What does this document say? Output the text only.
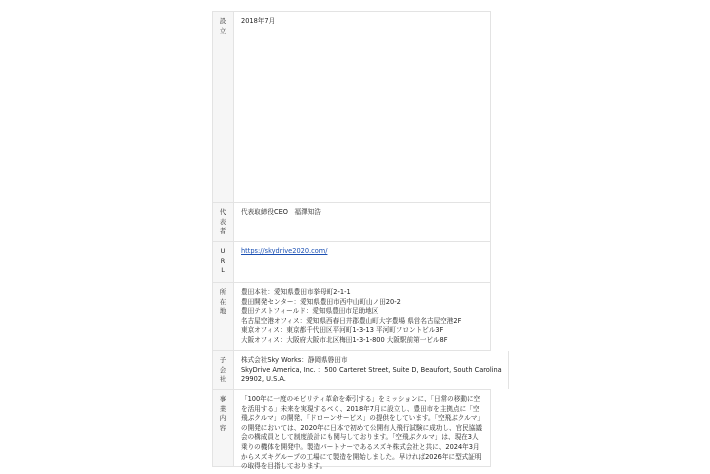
設
立
2018年7月
代
表
者
代表取締役CEO　福澤知浩
U
R
L
https://skydrive2020.com/
所
在
地
豊田本社：愛知県豊田市挙母町2-1-1
豊田開発センター：愛知県豊田市西中山町山ノ田20-2
豊田テストフィールド：愛知県豊田市足助地区
名古屋空港オフィス：愛知県西春日井郡豊山町大字豊場 県営名古屋空港2F
東京オフィス：東京都千代田区平河町1-3-13 平河町フロントビル3F
大阪オフィス：大阪府大阪市北区梅田1-3-1-800 大阪駅前第一ビル8F
子
会
社
株式会社Sky Works：静岡県磐田市
SkyDrive America, Inc. ：500 Carteret Street, Suite D, Beaufort, South Carolina
29902, U.S.A.
事
業
内
容
「100年に一度のモビリティ革命を牽引する」をミッションに、「日常の移動に空を活用する」未来を実現するべく、2018年7月に設立し、豊田市を主拠点に「空飛ぶクルマ」の開発、「ドローンサービス」の提供をしています。「空飛ぶクルマ」の開発においては、2020年に日本で初めて公開有人飛行試験に成功し、官民協議会の構成員として制度設計にも関与しております。「空飛ぶクルマ」は、現在3人乗りの機体を開発中。製造パートナーであるスズキ株式会社と共に、2024年3月からスズキグループの工場にて製造を開始しました。早ければ2026年に型式証明の取得を目指しております。
